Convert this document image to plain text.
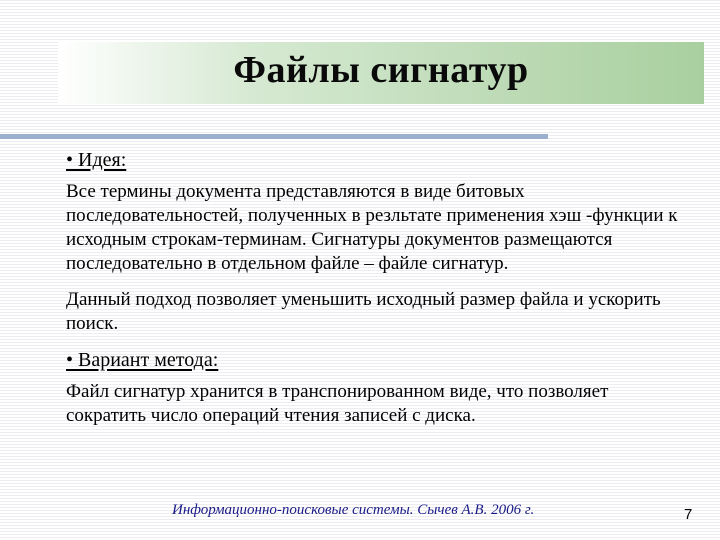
Файлы сигнатур
• Идея:

Все термины документа представляются в виде битовых последовательностей, полученных в резльтате применения хэш -функции к исходным строкам-терминам. Сигнатуры документов размещаются последовательно в отдельном файле – файле сигнатур.

Данный подход позволяет уменьшить исходный размер файла и ускорить поиск.

• Вариант метода:

Файл сигнатур хранится в транспонированном виде, что позволяет сократить число операций чтения записей с диска.

Информационно-поисковые системы. Сычев А.В. 2006 г.	7
